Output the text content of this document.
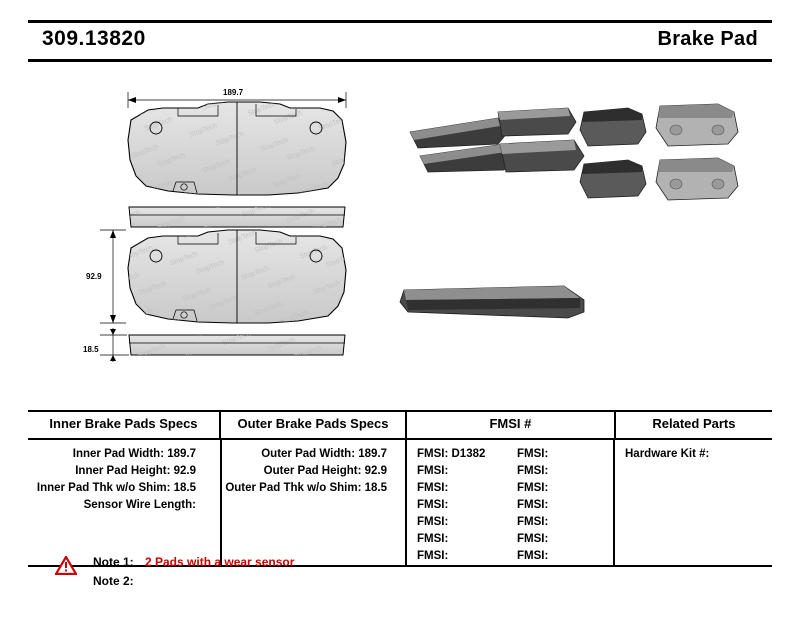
309.13820	Brake Pad
189.7
92.9
18.5
Inner Brake Pads Specs	Outer Brake Pads Specs	FMSI #	Related Parts
Inner Pad Width: 189.7
Inner Pad Height: 92.9
Inner Pad Thk w/o Shim: 18.5
Sensor Wire Length:
Outer Pad Width: 189.7
Outer Pad Height: 92.9
Outer Pad Thk w/o Shim: 18.5
FMSI: D1382	FMSI:
FMSI:	FMSI:
FMSI:	FMSI:
FMSI:	FMSI:
FMSI:	FMSI:
FMSI:	FMSI:
FMSI:	FMSI:
Hardware Kit #:
Note 1: 2 Pads with a wear sensor
Note 2:
